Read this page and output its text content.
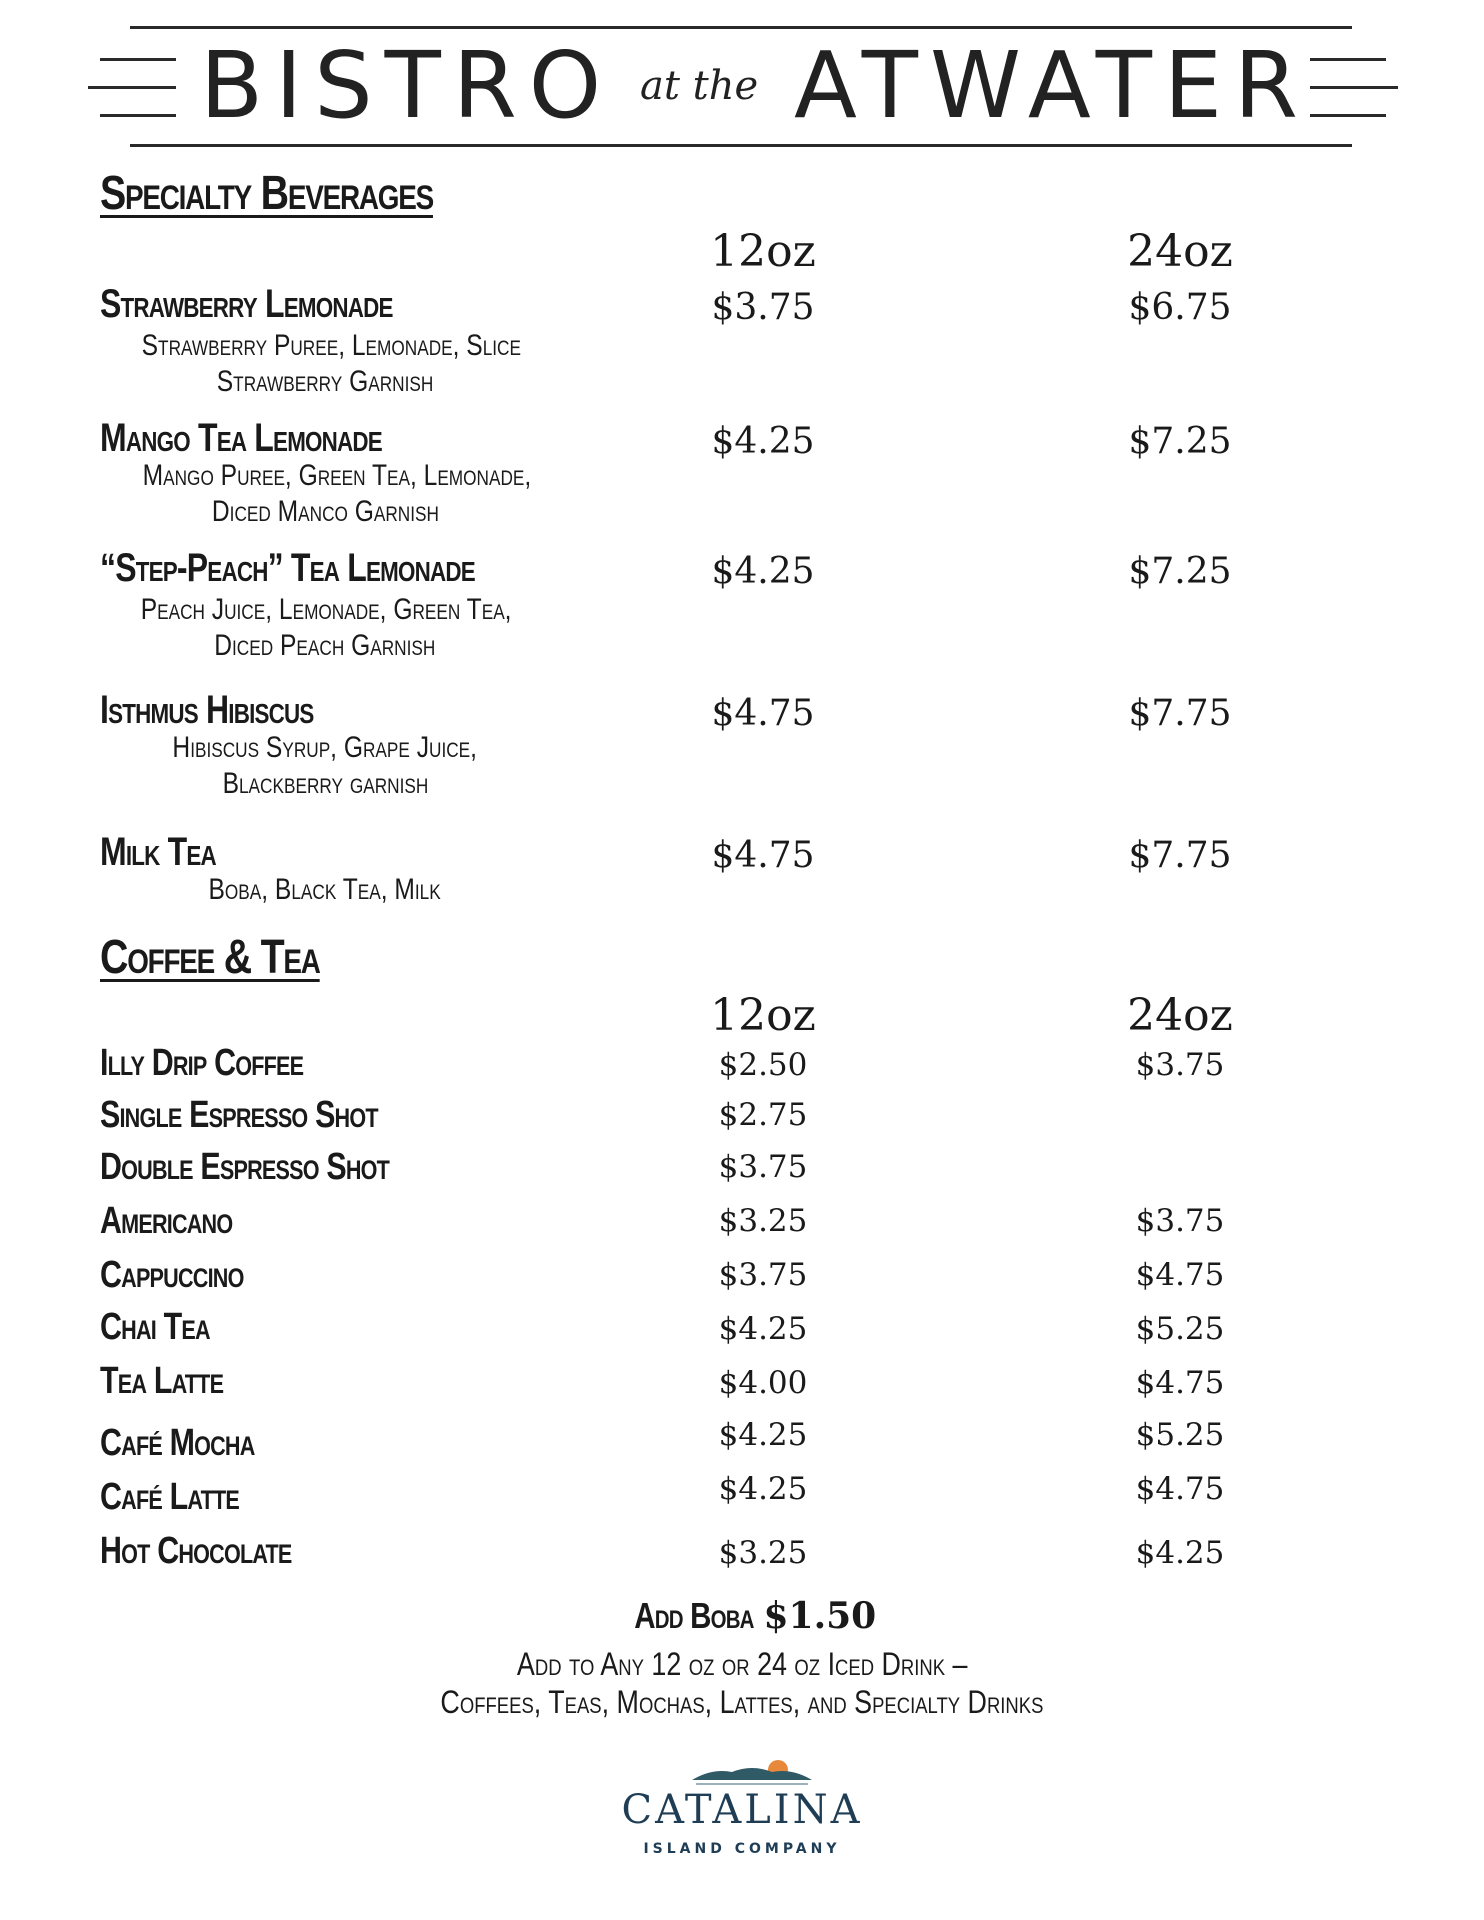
BISTRO at the ATWATER
Specialty Beverages
12oz	24oz
Strawberry Lemonade
Strawberry Puree, Lemonade, Slice
Strawberry Garnish
$3.75	$6.75
Mango Tea Lemonade
Mango Puree, Green Tea, Lemonade,
Diced Manco Garnish
$4.25	$7.25
“Step-Peach” Tea Lemonade
Peach Juice, Lemonade, Green Tea,
Diced Peach Garnish
$4.25	$7.25
Isthmus Hibiscus
Hibiscus Syrup, Grape Juice,
Blackberry garnish
$4.75	$7.75
Milk Tea
Boba, Black Tea, Milk
$4.75	$7.75
Coffee & Tea
12oz	24oz
Illy Drip Coffee	$2.50	$3.75
Single Espresso Shot	$2.75
Double Espresso Shot	$3.75
Americano	$3.25	$3.75
Cappuccino	$3.75	$4.75
Chai Tea	$4.25	$5.25
Tea Latte	$4.00	$4.75
Café Mocha	$4.25	$5.25
Café Latte	$4.25	$4.75
Hot Chocolate	$3.25	$4.25
Add Boba $1.50
Add to Any 12 oz or 24 oz Iced Drink –
Coffees, Teas, Mochas, Lattes, and Specialty Drinks
CATALINA
ISLAND COMPANY
